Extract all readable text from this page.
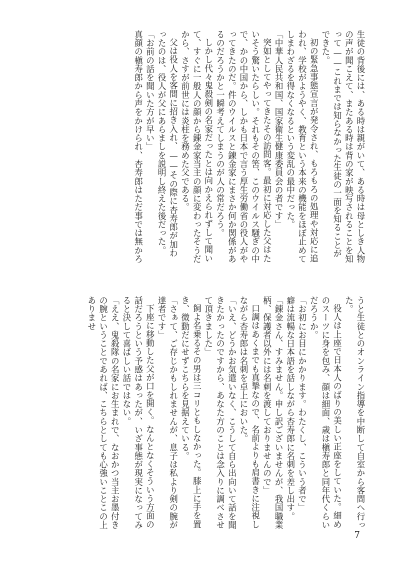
生徒の背後には、ある時は親がいて、ある時は母としき人物の声が聞こえて、またある時は背の家が映写されることを知って——これまでは知らなかった生徒の一面を知ることができた。

初の緊急事態宣言が発令され、もろもろの処理や対応に追われ、学校がようやく、教育という本来の機能をほぼ止めてしまわざるを得なくなるという変乱の最中だった。

「中華人民共和国、国家衛生健康委員会の者です」

突如としてやってきたその訪問客。最初に対応した父はたいそう驚いたらしい。それもその筈、このウイルス騒ぎの中で、かの中国から、しかも日本で言う厚生労働省の役人がやってきたのだ。件のウイルスと錬金家にまさか何か関係があるのだろうかと一瞬考えてしまうのが人の常だろう。

しかし代々鬼殺剣の名家だったとは向かえられずして聞いて、すぐに一般人の顔から錬金家当主の顔に変わったそうだから、さすが前世には炎柱を務めた父である。

父は役人を客間に招き入れ、——その際に杏寿郎が加わったのは、役人が父にあらましを説明し終えた後だった。

「お前の話を聞いた方が早い」

真顔の槇寿郎から声をかけられ、杏寿郎はただ事では無かろ

うと生徒とのオンライン指導を中断して自室から客間へ行った。

役人は上座で日本人のばりの美しい正座をしていた。細めのスーツに身を包み、顔は細面、歳は槇寿郎と同年代くらいだろうか。

「お初にお目にかかります。わたくし、こういう者で」

癖は流暢な日本語を話しながら杏寿郎に名刺を差し出す。

「錬金さん、すみません。申し訳ございませんが、我国職業柄、保護者以外には名刺を渡しておりませんので」

口調はあくまでも真摯なので、名前よりも肩書きに注視しながら杏寿郎は名刺を卓上においた。

「いえ、どうかお気遣いなく、こうして自ら出向いて話を聞きたかったのですから、あなた方のことは念入りに調べさせて頂きました」

飼よ名乗るその男は三コリともしなかった。膝上に手を置き、微動だにせずこちらを見据えている。

「さぁて、ご存じかもしれませんが、息子は私より剣の腕が達者です」

下座に移動した父が口を開く。なんとなくそういう方面の話だろうという予感はあったが、いざ事態が現実になってみると決して喜ばしい話ではない。

「ええ、鬼殺隊の名家にお生まれで、なおかつ当主お墨付きの腕ということであれば、こちらとしても心強いことこの上ありませ

7
